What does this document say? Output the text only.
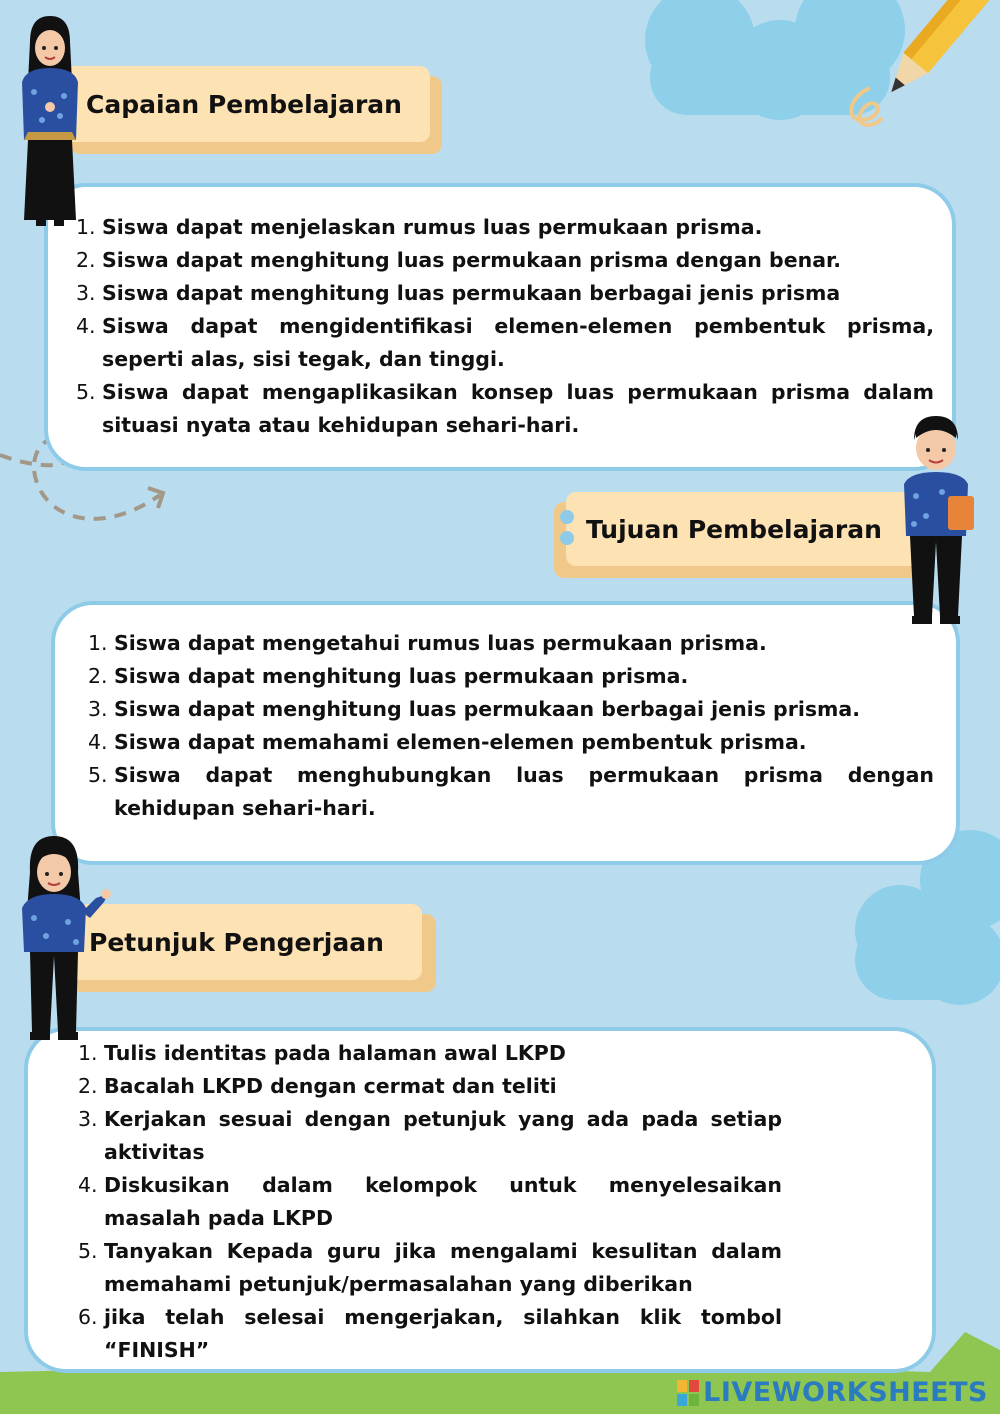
Capaian Pembelajaran
1. Siswa dapat menjelaskan rumus luas permukaan prisma.
2. Siswa dapat menghitung luas permukaan prisma dengan benar.
3. Siswa dapat menghitung luas permukaan berbagai jenis prisma
4. Siswa dapat mengidentifikasi elemen-elemen pembentuk prisma, seperti alas, sisi tegak, dan tinggi.
5. Siswa dapat mengaplikasikan konsep luas permukaan prisma dalam situasi nyata atau kehidupan sehari-hari.
Tujuan Pembelajaran
1. Siswa dapat mengetahui rumus luas permukaan prisma.
2. Siswa dapat menghitung luas permukaan prisma.
3. Siswa dapat menghitung luas permukaan berbagai jenis prisma.
4. Siswa dapat memahami elemen-elemen pembentuk prisma.
5. Siswa dapat menghubungkan luas permukaan prisma dengan kehidupan sehari-hari.
Petunjuk Pengerjaan
1. Tulis identitas pada halaman awal LKPD
2. Bacalah LKPD dengan cermat dan teliti
3. Kerjakan sesuai dengan petunjuk yang ada pada setiap aktivitas
4. Diskusikan dalam kelompok untuk menyelesaikan masalah pada LKPD
5. Tanyakan Kepada guru jika mengalami kesulitan dalam memahami petunjuk/permasalahan yang diberikan
6. jika telah selesai mengerjakan, silahkan klik tombol “FINISH”
LIVEWORKSHEETS
